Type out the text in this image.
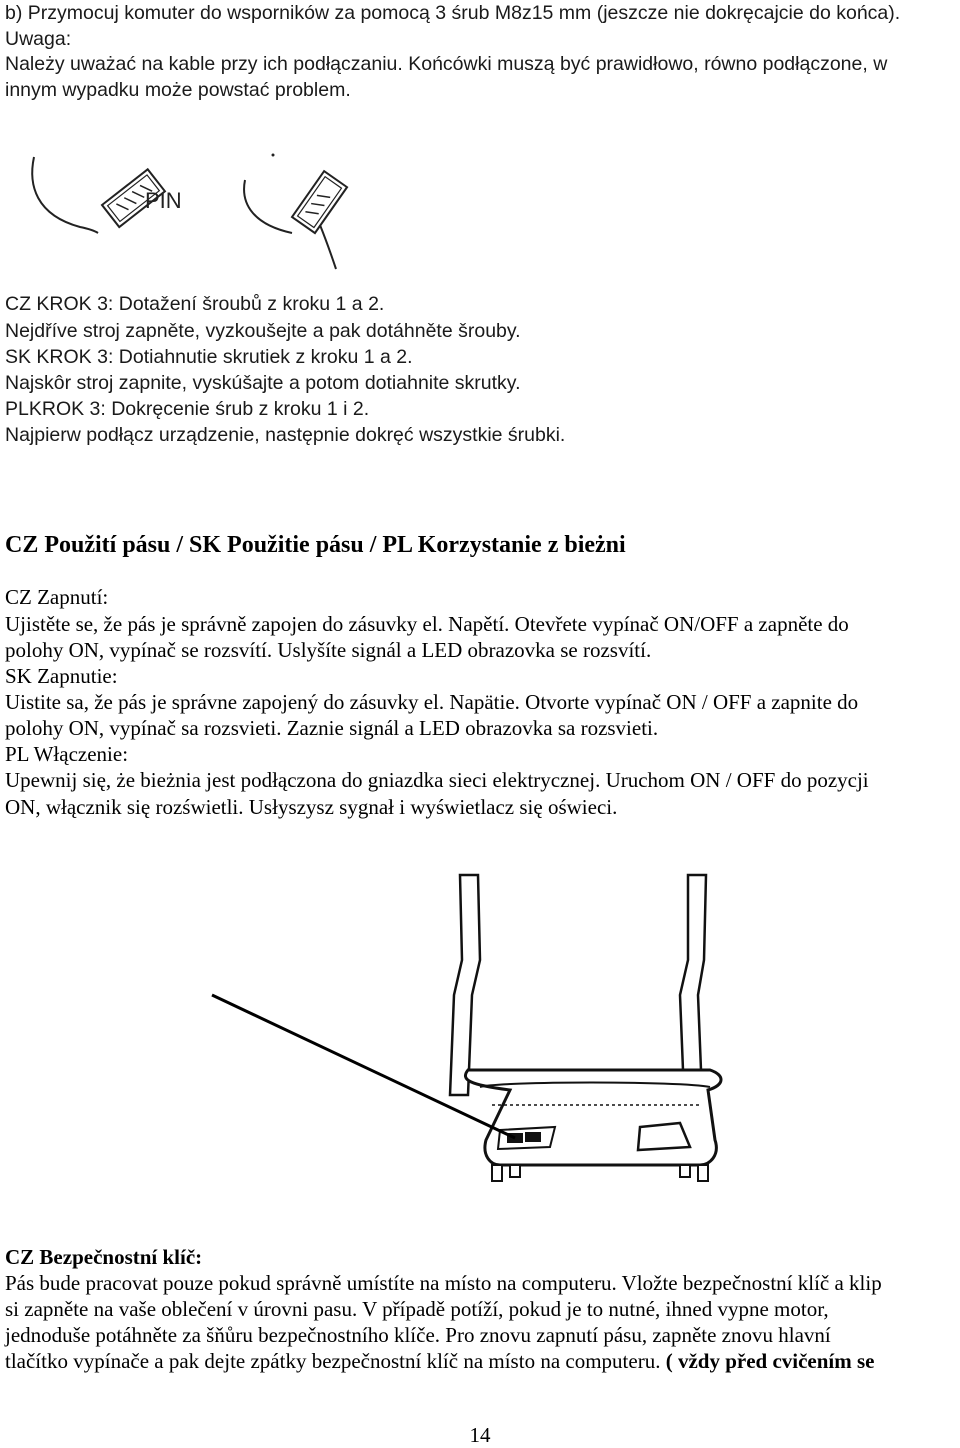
b) Przymocuj komuter do wsporników za pomocą 3 śrub M8z15 mm (jeszcze nie dokręcajcie do końca).
Uwaga:
Należy uważać na kable przy ich podłączaniu. Końcówki muszą być prawidłowo, równo podłączone, w
innym wypadku może powstać problem.
PIN
CZ KROK 3: Dotažení šroubů z kroku 1 a 2.
Nejdříve stroj zapněte, vyzkoušejte a pak dotáhněte šrouby.
SK KROK 3: Dotiahnutie skrutiek z kroku 1 a 2.
Najskôr stroj zapnite, vyskúšajte a potom dotiahnite skrutky.
PLKROK 3: Dokręcenie śrub z kroku 1 i 2.
Najpierw podłącz urządzenie, następnie dokręć wszystkie śrubki.
CZ Použití pásu / SK Použitie pásu / PL Korzystanie z bieżni
CZ Zapnutí:
Ujistěte se, že pás je správně zapojen do zásuvky el. Napětí. Otevřete vypínač ON/OFF a zapněte do
polohy ON, vypínač se rozsvítí. Uslyšíte signál a LED obrazovka se rozsvítí.
SK Zapnutie:
Uistite sa, že pás je správne zapojený do zásuvky el. Napätie. Otvorte vypínač ON / OFF a zapnite do
polohy ON, vypínač sa rozsvieti. Zaznie signál a LED obrazovka sa rozsvieti.
PL Włączenie:
Upewnij się, że bieżnia jest podłączona do gniazdka sieci elektrycznej. Uruchom ON / OFF do pozycji
ON, włącznik się rozświetli. Usłyszysz sygnał i wyświetlacz się oświeci.
CZ Bezpečnostní klíč:
Pás bude pracovat pouze pokud správně umístíte na místo na computeru. Vložte bezpečnostní klíč a klip
si zapněte na vaše oblečení v úrovni pasu. V případě potíží, pokud je to nutné, ihned vypne motor,
jednoduše potáhněte za šňůru bezpečnostního klíče. Pro znovu zapnutí pásu, zapněte znovu hlavní
tlačítko vypínače a pak dejte zpátky bezpečnostní klíč na místo na computeru. ( vždy před cvičením se
14
